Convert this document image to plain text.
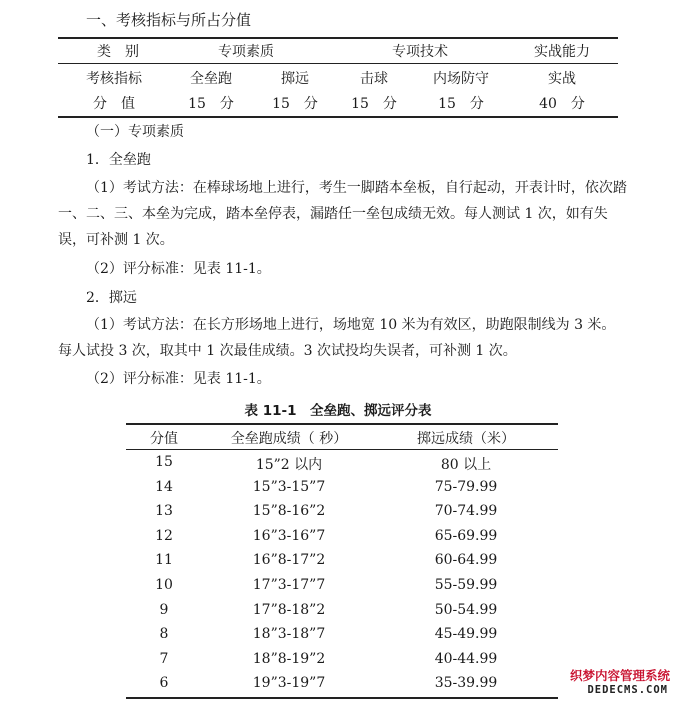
一、考核指标与所占分值
类　别	专项素质	专项技术	实战能力
考核指标	全垒跑	掷远	击球	内场防守	实战
分　值	15　分	15　分 15　分	15　分	40　分
（一）专项素质
1．全垒跑
（1）考试方法：在棒球场地上进行，考生一脚踏本垒板，自行起动，开表计时，依次踏一、二、三、本垒为完成，踏本垒停表，漏踏任一垒包成绩无效。每人测试 1 次，如有失误，可补测 1 次。
（2）评分标准：见表 11-1。
2．掷远
（1）考试方法：在长方形场地上进行，场地宽 10 米为有效区，助跑限制线为 3 米。每人试投 3 次，取其中 1 次最佳成绩。3 次试投均失误者，可补测 1 次。
（2）评分标准：见表 11-1。
表 11-1　全垒跑、掷远评分表
分值	全垒跑成绩（ 秒）	掷远成绩（米）
15	15”2 以内	80 以上
14	15”3-15”7	75-79.99
13	15”8-16”2	70-74.99
12	16”3-16”7	65-69.99
11	16”8-17”2	60-64.99
10	17”3-17”7	55-59.99
9	17”8-18”2	50-54.99
8	18”3-18”7	45-49.99
7	18”8-19”2	40-44.99
6	19”3-19”7	35-39.99	织梦内容管理系统
DEDECMS.COM
